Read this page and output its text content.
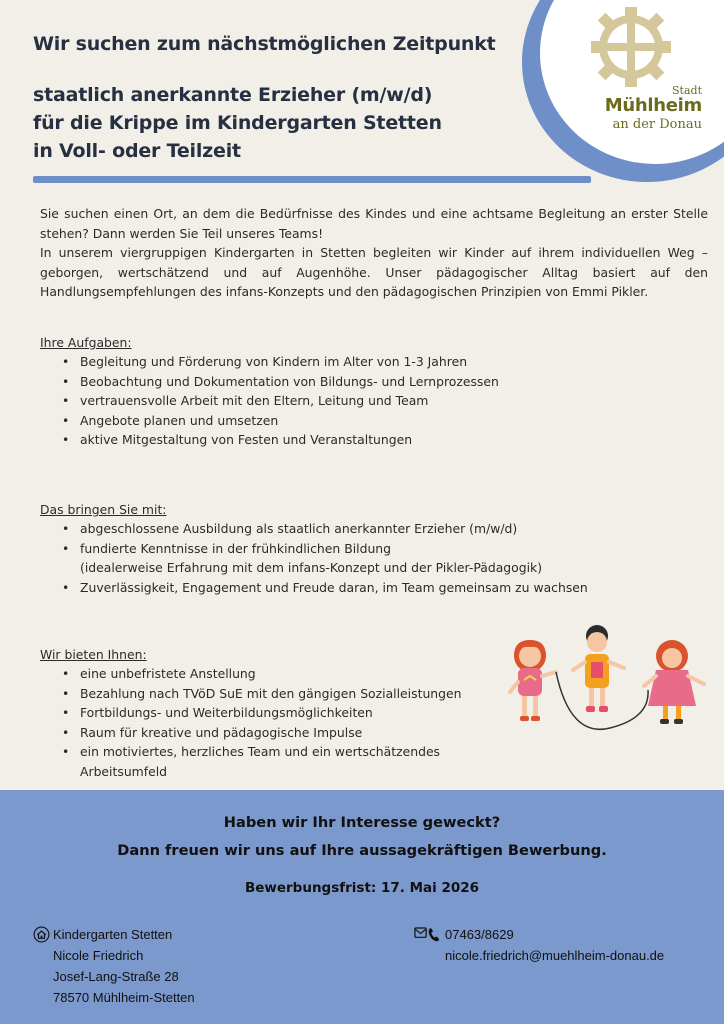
Stadt
Mühlheim
an der Donau
Wir suchen zum nächstmöglichen Zeitpunkt
staatlich anerkannte Erzieher (m/w/d)
für die Krippe im Kindergarten Stetten
in Voll- oder Teilzeit

Sie suchen einen Ort, an dem die Bedürfnisse des Kindes und eine achtsame Begleitung an erster Stelle stehen? Dann werden Sie Teil unseres Teams!

In unserem viergruppigen Kindergarten in Stetten begleiten wir Kinder auf ihrem individuellen Weg – geborgen, wertschätzend und auf Augenhöhe. Unser pädagogischer Alltag basiert auf den Handlungsempfehlungen des infans-Konzepts und den pädagogischen Prinzipien von Emmi Pikler.

Ihre Aufgaben:
• Begleitung und Förderung von Kindern im Alter von 1-3 Jahren
• Beobachtung und Dokumentation von Bildungs- und Lernprozessen
• vertrauensvolle Arbeit mit den Eltern, Leitung und Team
• Angebote planen und umsetzen
• aktive Mitgestaltung von Festen und Veranstaltungen
Das bringen Sie mit:
• abgeschlossene Ausbildung als staatlich anerkannter Erzieher (m/w/d)
• fundierte Kenntnisse in der frühkindlichen Bildung
(idealerweise Erfahrung mit dem infans-Konzept und der Pikler-Pädagogik)
• Zuverlässigkeit, Engagement und Freude daran, im Team gemeinsam zu wachsen
Wir bieten Ihnen:
• eine unbefristete Anstellung
• Bezahlung nach TVöD SuE mit den gängigen Sozialleistungen
• Fortbildungs- und Weiterbildungsmöglichkeiten
• Raum für kreative und pädagogische Impulse
• ein motiviertes, herzliches Team und ein wertschätzendes Arbeitsumfeld
Haben wir Ihr Interesse geweckt?
Dann freuen wir uns auf Ihre aussagekräftigen Bewerbung.
Bewerbungsfrist: 17. Mai 2026
Kindergarten Stetten
Nicole Friedrich
Josef-Lang-Straße 28
78570 Mühlheim-Stetten
07463/8629
nicole.friedrich@muehlheim-donau.de
